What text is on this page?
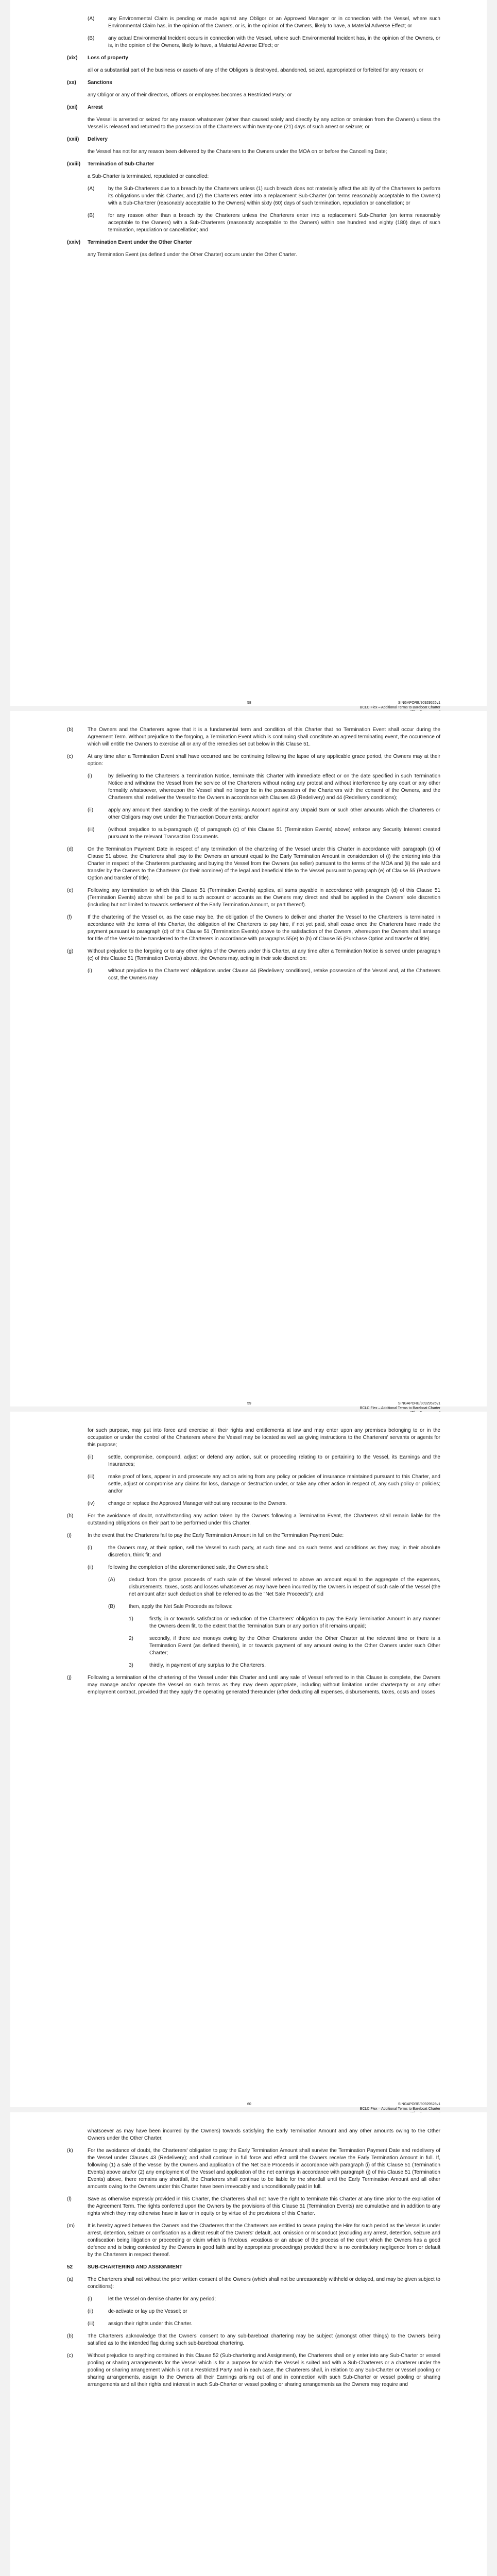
(A)	any Environmental Claim is pending or made against any Obligor or an Approved Manager or in connection with the Vessel, where such Environmental Claim has, in the opinion of the Owners, or is, in the opinion of the Owners, likely to have, a Material Adverse Effect; or
(B)	any actual Environmental Incident occurs in connection with the Vessel, where such Environmental Incident has, in the opinion of the Owners, or is, in the opinion of the Owners, likely to have, a Material Adverse Effect; or
(xix)	Loss of property
all or a substantial part of the business or assets of any of the Obligors is destroyed, abandoned, seized, appropriated or forfeited for any reason; or
(xx)	Sanctions
any Obligor or any of their directors, officers or employees becomes a Restricted Party; or
(xxi)	Arrest
the Vessel is arrested or seized for any reason whatsoever (other than caused solely and directly by any action or omission from the Owners) unless the Vessel is released and returned to the possession of the Charterers within twenty-one (21) days of such arrest or seizure; or
(xxii)	Delivery
the Vessel has not for any reason been delivered by the Charterers to the Owners under the MOA on or before the Cancelling Date;
(xxiii)	Termination of Sub-Charter
a Sub-Charter is terminated, repudiated or cancelled:
(A)	by the Sub-Charterers due to a breach by the Charterers unless (1) such breach does not materially affect the ability of the Charterers to perform its obligations under this Charter, and (2) the Charterers enter into a replacement Sub-Charter (on terms reasonably acceptable to the Owners) with a Sub-Charterer (reasonably acceptable to the Owners) within sixty (60) days of such termination, repudiation or cancellation; or
(B)	for any reason other than a breach by the Charterers unless the Charterers enter into a replacement Sub-Charter (on terms reasonably acceptable to the Owners) with a Sub-Charterers (reasonably acceptable to the Owners) within one hundred and eighty (180) days of such termination, repudiation or cancellation; and
(xxiv)	Termination Event under the Other Charter
any Termination Event (as defined under the Other Charter) occurs under the Other Charter.
58	SINGAPORE/90929526v1
BCLC Flex – Additional Terms to Bareboat Charter
(b)	The Owners and the Charterers agree that it is a fundamental term and condition of this Charter that no Termination Event shall occur during the Agreement Term. Without prejudice to the forgoing, a Termination Event which is continuing shall constitute an agreed terminating event, the occurrence of which will entitle the Owners to exercise all or any of the remedies set out below in this Clause 51.
(c)	At any time after a Termination Event shall have occurred and be continuing following the lapse of any applicable grace period, the Owners may at their option:
(i)	by delivering to the Charterers a Termination Notice, terminate this Charter with immediate effect or on the date specified in such Termination Notice and withdraw the Vessel from the service of the Charterers without noting any protest and without interference by any court or any other formality whatsoever, whereupon the Vessel shall no longer be in the possession of the Charterers with the consent of the Owners, and the Charterers shall redeliver the Vessel to the Owners in accordance with Clauses 43 (Redelivery) and 44 (Redelivery conditions);
(ii)	apply any amount then standing to the credit of the Earnings Account against any Unpaid Sum or such other amounts which the Charterers or other Obligors may owe under the Transaction Documents; and/or
(iii)	(without prejudice to sub-paragraph (i) of paragraph (c) of this Clause 51 (Termination Events) above) enforce any Security Interest created pursuant to the relevant Transaction Documents.
(d)	On the Termination Payment Date in respect of any termination of the chartering of the Vessel under this Charter in accordance with paragraph (c) of Clause 51 above, the Charterers shall pay to the Owners an amount equal to the Early Termination Amount in consideration of (i) the entering into this Charter in respect of the Charterers purchasing and buying the Vessel from the Owners (as seller) pursuant to the terms of the MOA and (ii) the sale and transfer by the Owners to the Charterers (or their nominee) of the legal and beneficial title to the Vessel pursuant to paragraph (e) of Clause 55 (Purchase Option and transfer of title).
(e)	Following any termination to which this Clause 51 (Termination Events) applies, all sums payable in accordance with paragraph (d) of this Clause 51 (Termination Events) above shall be paid to such account or accounts as the Owners may direct and shall be applied in the Owners' sole discretion (including but not limited to towards settlement of the Early Termination Amount, or part thereof).
(f)	If the chartering of the Vessel or, as the case may be, the obligation of the Owners to deliver and charter the Vessel to the Charterers is terminated in accordance with the terms of this Charter, the obligation of the Charterers to pay hire, if not yet paid, shall cease once the Charterers have made the payment pursuant to paragraph (d) of this Clause 51 (Termination Events) above to the satisfaction of the Owners, whereupon the Owners shall arrange for title of the Vessel to be transferred to the Charterers in accordance with paragraphs 55(e) to (h) of Clause 55 (Purchase Option and transfer of title).
(g)	Without prejudice to the forgoing or to any other rights of the Owners under this Charter, at any time after a Termination Notice is served under paragraph (c) of this Clause 51 (Termination Events) above, the Owners may, acting in their sole discretion:
(i)	without prejudice to the Charterers' obligations under Clause 44 (Redelivery conditions), retake possession of the Vessel and, at the Charterers cost, the Owners may
59	SINGAPORE/90929526v1
BCLC Flex – Additional Terms to Bareboat Charter
for such purpose, may put into force and exercise all their rights and entitlements at law and may enter upon any premises belonging to or in the occupation or under the control of the Charterers where the Vessel may be located as well as giving instructions to the Charterers' servants or agents for this purpose;
(ii)	settle, compromise, compound, adjust or defend any action, suit or proceeding relating to or pertaining to the Vessel, its Earnings and the Insurances;
(iii)	make proof of loss, appear in and prosecute any action arising from any policy or policies of insurance maintained pursuant to this Charter, and settle, adjust or compromise any claims for loss, damage or destruction under, or take any other action in respect of, any such policy or policies; and/or
(iv)	change or replace the Approved Manager without any recourse to the Owners.
(h)	For the avoidance of doubt, notwithstanding any action taken by the Owners following a Termination Event, the Charterers shall remain liable for the outstanding obligations on their part to be performed under this Charter.
(i)	In the event that the Charterers fail to pay the Early Termination Amount in full on the Termination Payment Date:
(i)	the Owners may, at their option, sell the Vessel to such party, at such time and on such terms and conditions as they may, in their absolute discretion, think fit; and
(ii)	following the completion of the aforementioned sale, the Owners shall:
(A)	deduct from the gross proceeds of such sale of the Vessel referred to above an amount equal to the aggregate of the expenses, disbursements, taxes, costs and losses whatsoever as may have been incurred by the Owners in respect of such sale of the Vessel (the net amount after such deduction shall be referred to as the "Net Sale Proceeds"); and
(B)	then, apply the Net Sale Proceeds as follows:
1)	firstly, in or towards satisfaction or reduction of the Charterers' obligation to pay the Early Termination Amount in any manner the Owners deem fit, to the extent that the Termination Sum or any portion of it remains unpaid;
2)	secondly, if there are moneys owing by the Other Charterers under the Other Charter at the relevant time or there is a Termination Event (as defined therein), in or towards payment of any amount owing to the Other Owners under such Other Charter;
3)	thirdly, in payment of any surplus to the Charterers.
(j)	Following a termination of the chartering of the Vessel under this Charter and until any sale of Vessel referred to in this Clause is complete, the Owners may manage and/or operate the Vessel on such terms as they may deem appropriate, including without limitation under charterparty or any other employment contract, provided that they apply the operating generated thereunder (after deducting all expenses, disbursements, taxes, costs and losses
60	SINGAPORE/90929526v1
BCLC Flex – Additional Terms to Bareboat Charter
whatsoever as may have been incurred by the Owners) towards satisfying the Early Termination Amount and any other amounts owing to the Other Owners under the Other Charter.
(k)	For the avoidance of doubt, the Charterers' obligation to pay the Early Termination Amount shall survive the Termination Payment Date and redelivery of the Vessel under Clauses 43 (Redelivery); and shall continue in full force and effect until the Owners receive the Early Termination Amount in full. If, following (1) a sale of the Vessel by the Owners and application of the Net Sale Proceeds in accordance with paragraph (i) of this Clause 51 (Termination Events) above and/or (2) any employment of the Vessel and application of the net earnings in accordance with paragraph (j) of this Clause 51 (Termination Events) above, there remains any shortfall, the Charterers shall continue to be liable for the shortfall until the Early Termination Amount and all other amounts owing to the Owners under this Charter have been irrevocably and unconditionally paid in full.
(l)	Save as otherwise expressly provided in this Charter, the Charterers shall not have the right to terminate this Charter at any time prior to the expiration of the Agreement Term. The rights conferred upon the Owners by the provisions of this Clause 51 (Termination Events) are cumulative and in addition to any rights which they may otherwise have in law or in equity or by virtue of the provisions of this Charter.
(m)	It is hereby agreed between the Owners and the Charterers that the Charterers are entitled to cease paying the Hire for such period as the Vessel is under arrest, detention, seizure or confiscation as a direct result of the Owners' default, act, omission or misconduct (excluding any arrest, detention, seizure and confiscation being litigation or proceeding or claim which is frivolous, vexatious or an abuse of the process of the court which the Owners has a good defence and is being contested by the Owners in good faith and by appropriate proceedings) provided there is no contributory negligence from or default by the Charterers in respect thereof.
52	SUB-CHARTERING AND ASSIGNMENT
(a)	The Charterers shall not without the prior written consent of the Owners (which shall not be unreasonably withheld or delayed, and may be given subject to conditions):
(i)	let the Vessel on demise charter for any period;
(ii)	de-activate or lay up the Vessel; or
(iii)	assign their rights under this Charter.
(b)	The Charterers acknowledge that the Owners' consent to any sub-bareboat chartering may be subject (amongst other things) to the Owners being satisfied as to the intended flag during such sub-bareboat chartering.
(c)	Without prejudice to anything contained in this Clause 52 (Sub-chartering and Assignment), the Charterers shall only enter into any Sub-Charter or vessel pooling or sharing arrangements for the Vessel which is for a purpose for which the Vessel is suited and with a Sub-Charterers or a charterer under the pooling or sharing arrangement which is not a Restricted Party and in each case, the Charterers shall, in relation to any Sub-Charter or vessel pooling or sharing arrangements, assign to the Owners all their Earnings arising out of and in connection with such Sub-Charter or vessel pooling or sharing arrangements and all their rights and interest in such Sub-Charter or vessel pooling or sharing arrangements as the Owners may require and
